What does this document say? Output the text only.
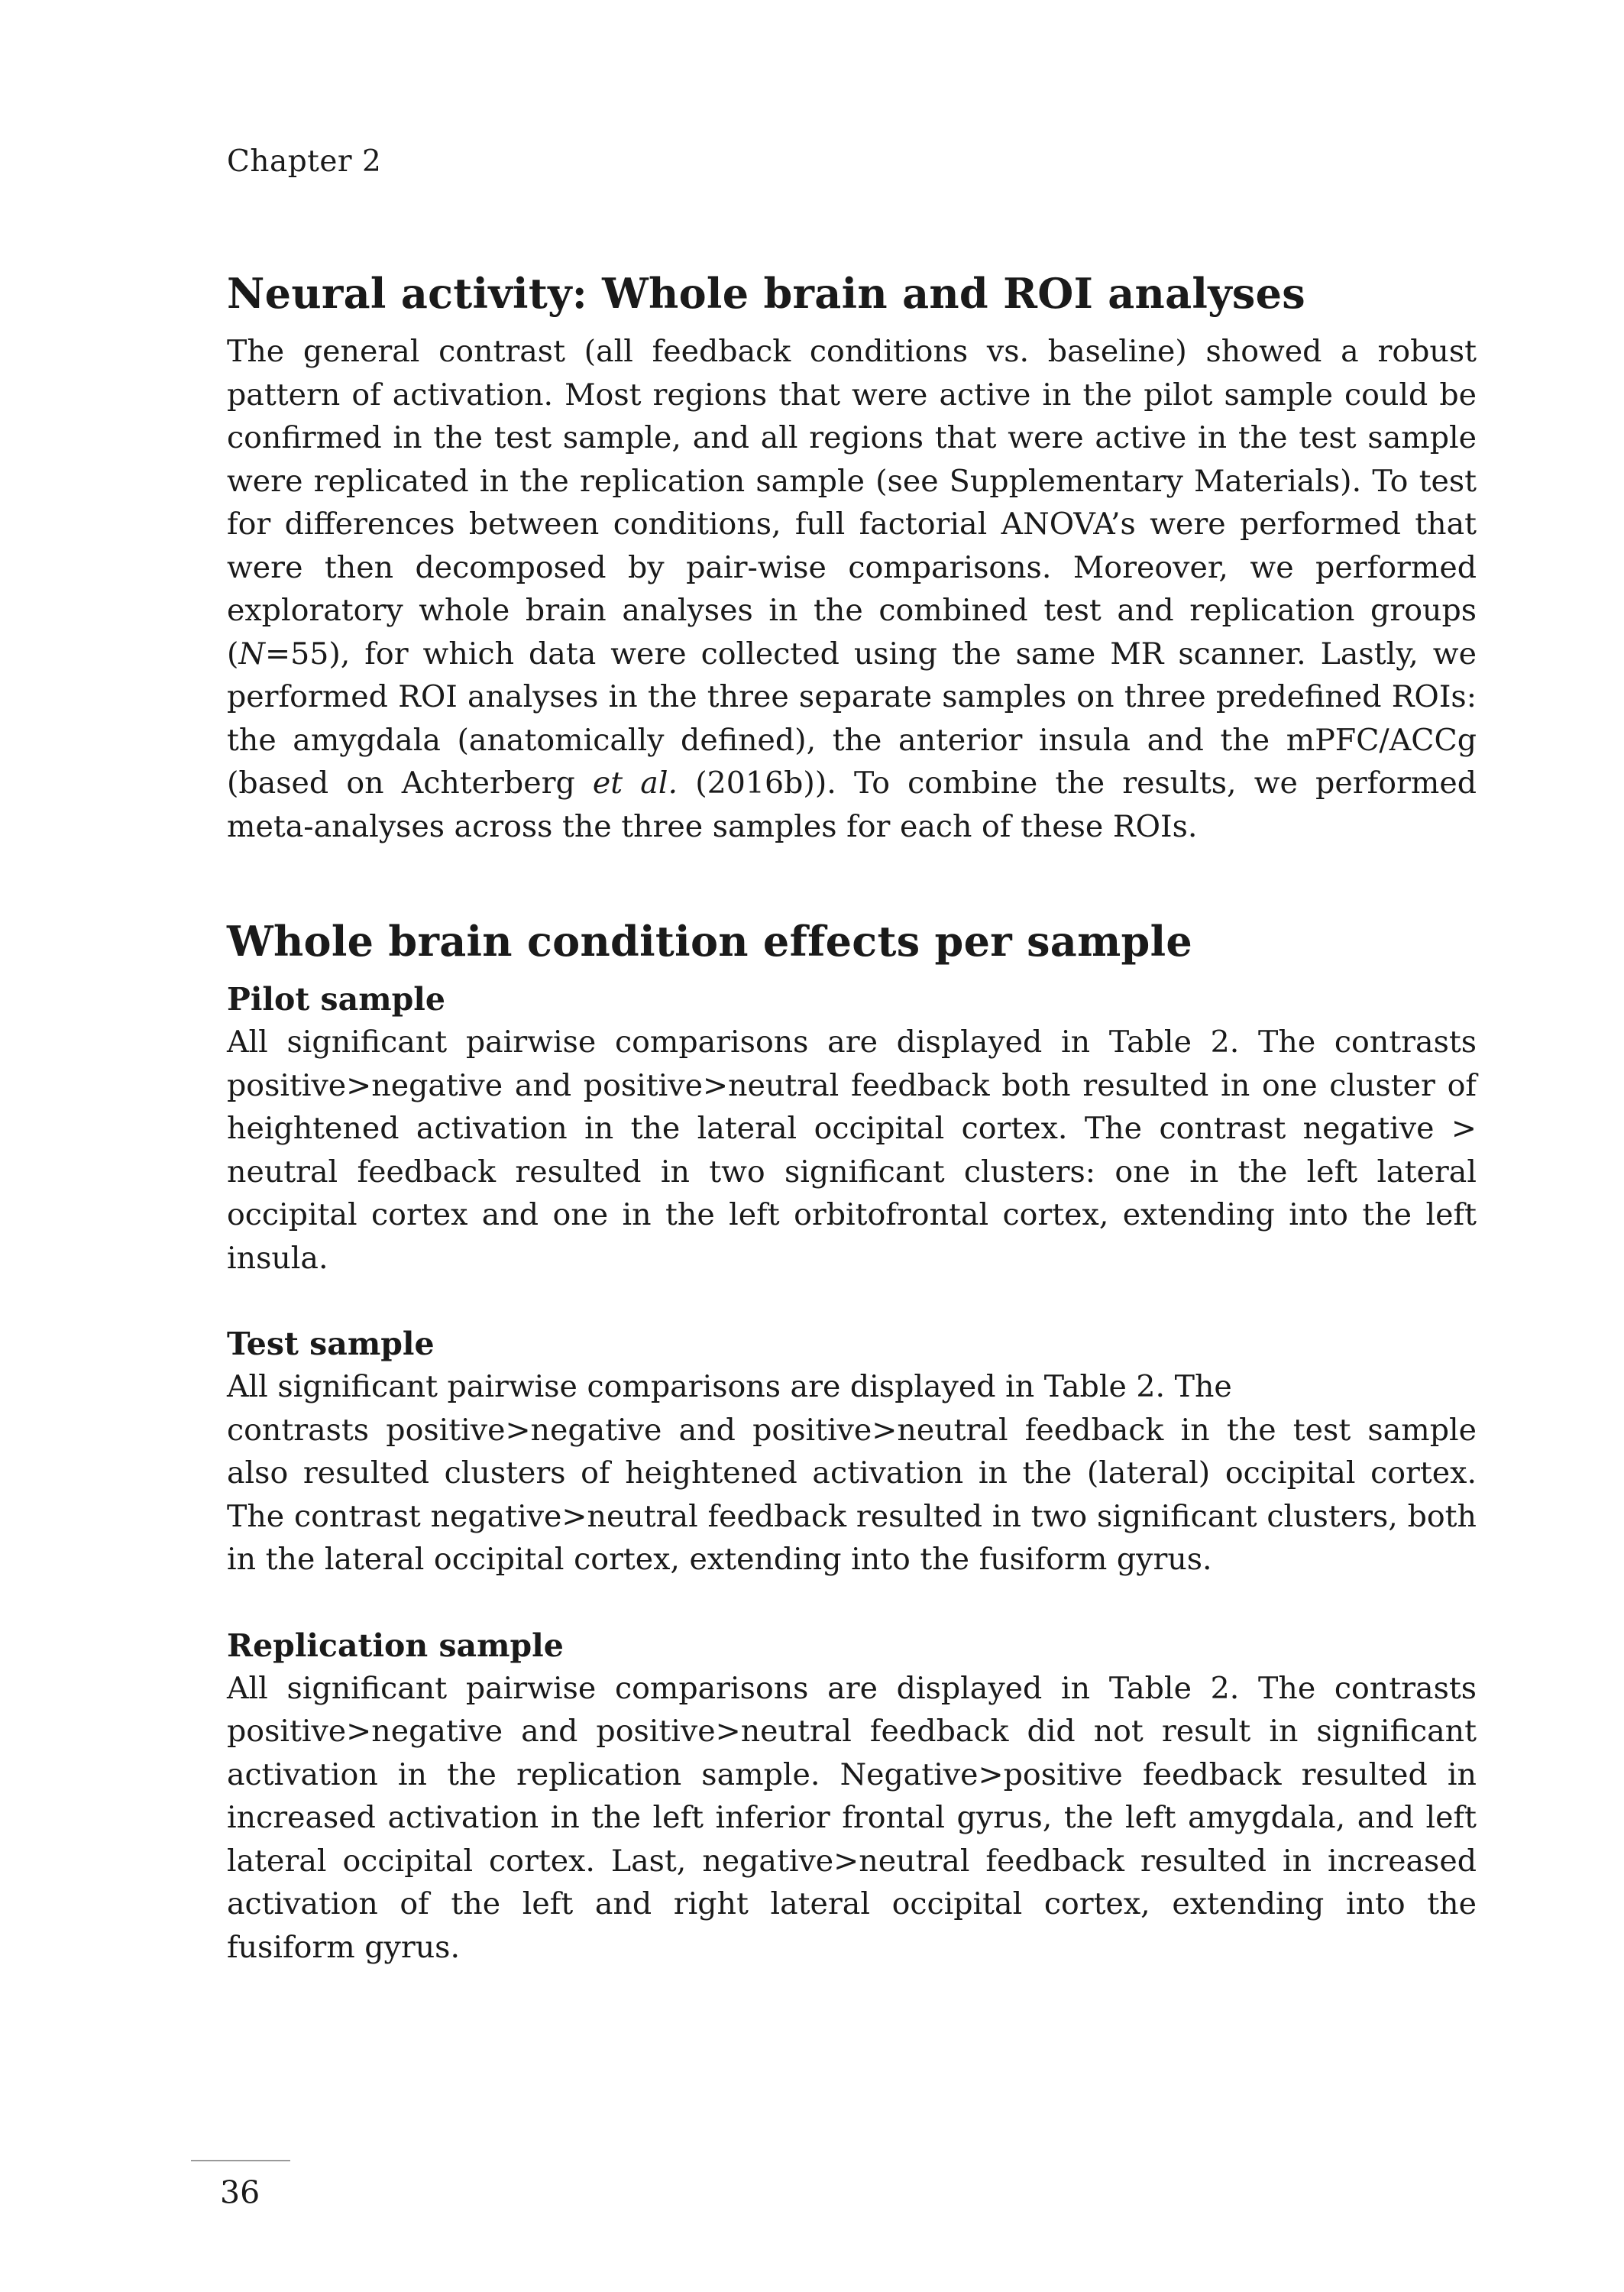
Chapter 2
Neural activity: Whole brain and ROI analyses

The general contrast (all feedback conditions vs. baseline) showed a robust pattern of activation. Most regions that were active in the pilot sample could be confirmed in the test sample, and all regions that were active in the test sample were replicated in the replication sample (see Supplementary Materials). To test for differences between conditions, full factorial ANOVA’s were performed that were then decomposed by pair-wise comparisons. Moreover, we performed exploratory whole brain analyses in the combined test and replication groups (N=55), for which data were collected using the same MR scanner. Lastly, we performed ROI analyses in the three separate samples on three predefined ROIs: the amygdala (anatomically defined), the anterior insula and the mPFC/ACCg (based on Achterberg et al. (2016b)). To combine the results, we performed meta-analyses across the three samples for each of these ROIs.

Whole brain condition effects per sample
Pilot sample

All significant pairwise comparisons are displayed in Table 2. The contrasts positive>negative and positive>neutral feedback both resulted in one cluster of heightened activation in the lateral occipital cortex. The contrast negative > neutral feedback resulted in two significant clusters: one in the left lateral occipital cortex and one in the left orbitofrontal cortex, extending into the left insula.

Test sample

All significant pairwise comparisons are displayed in Table 2. The

contrasts positive>negative and positive>neutral feedback in the test sample also resulted clusters of heightened activation in the (lateral) occipital cortex. The contrast negative>neutral feedback resulted in two significant clusters, both in the lateral occipital cortex, extending into the fusiform gyrus.

Replication sample

All significant pairwise comparisons are displayed in Table 2. The contrasts positive>negative and positive>neutral feedback did not result in significant activation in the replication sample. Negative>positive feedback resulted in increased activation in the left inferior frontal gyrus, the left amygdala, and left lateral occipital cortex. Last, negative>neutral feedback resulted in increased activation of the left and right lateral occipital cortex, extending into the fusiform gyrus.

36
